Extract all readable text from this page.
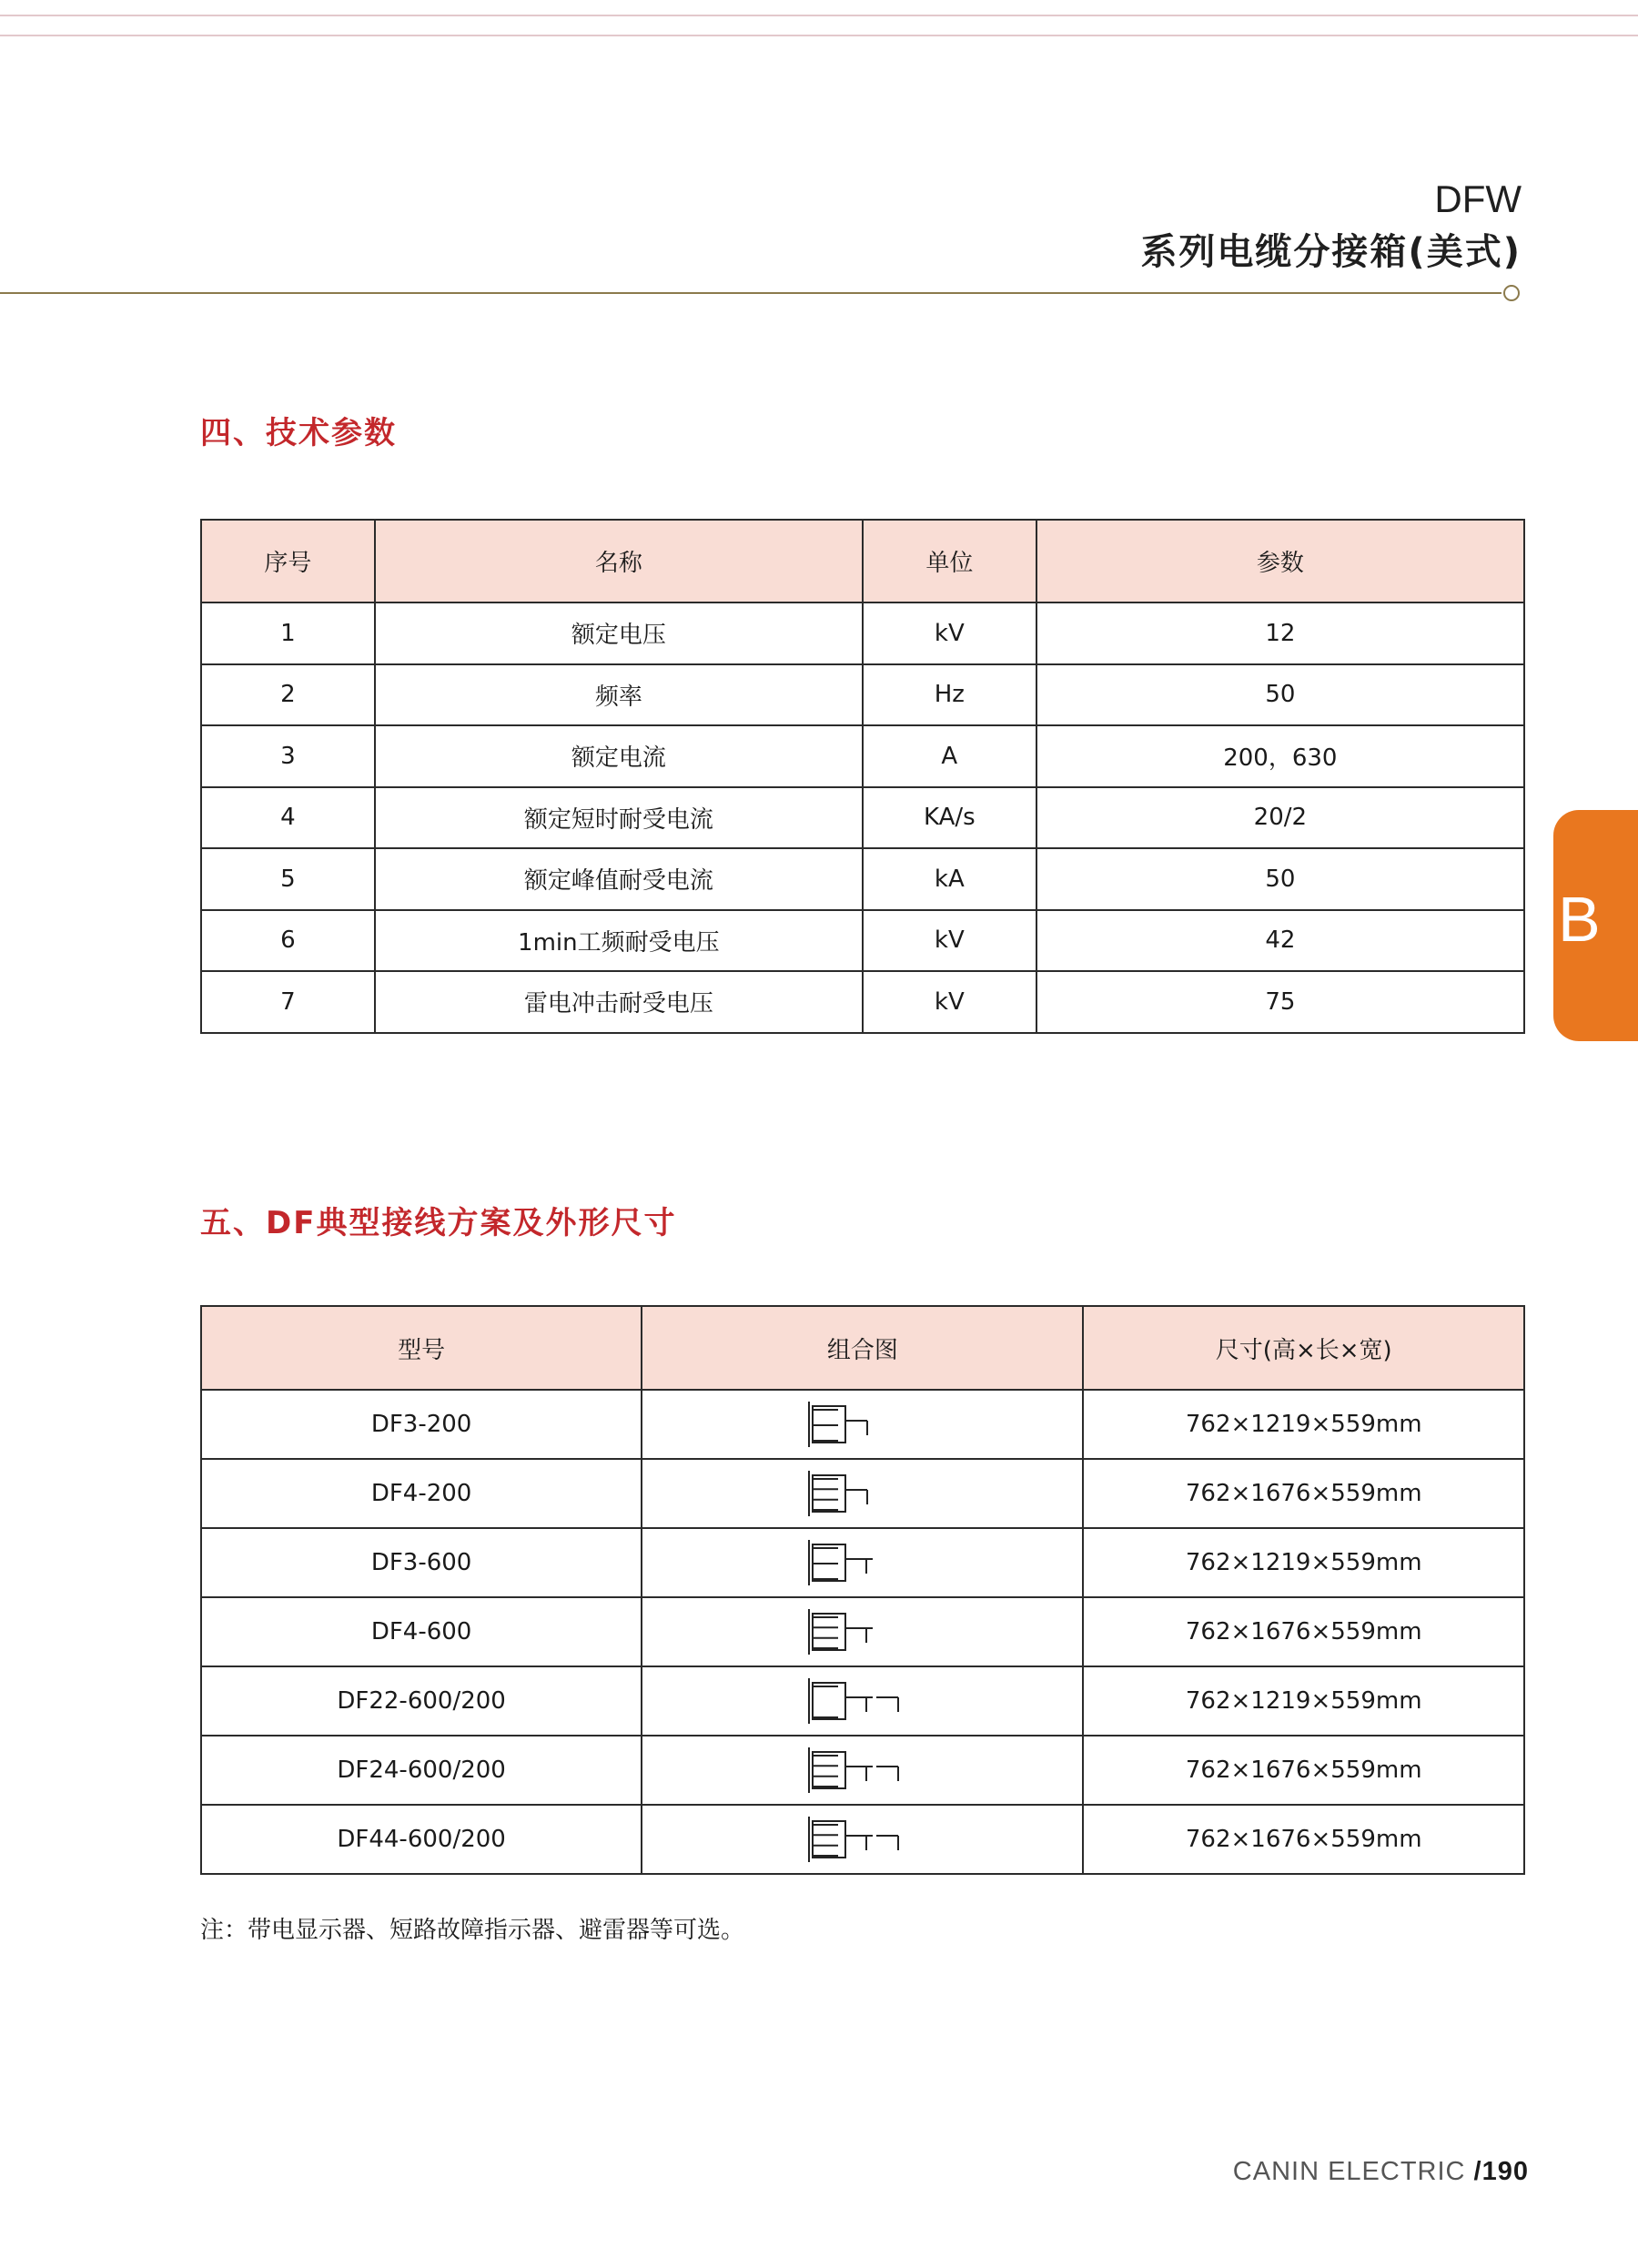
DFW
系列电缆分接箱(美式)
B
四、技术参数
序号	名称	单位	参数
1	额定电压	kV	12
2	频率	Hz	50
3	额定电流	A	200，630
4	额定短时耐受电流	KA/s	20/2
5	额定峰值耐受电流	kA	50
6	1min工频耐受电压	kV	42
7	雷电冲击耐受电压	kV	75
五、DF典型接线方案及外形尺寸
型号	组合图	尺寸(高×长×宽)
DF3-200		762×1219×559mm
DF4-200		762×1676×559mm
DF3-600		762×1219×559mm
DF4-600		762×1676×559mm
DF22-600/200		762×1219×559mm
DF24-600/200		762×1676×559mm
DF44-600/200		762×1676×559mm
注：带电显示器、短路故障指示器、避雷器等可选。
CANIN ELECTRIC /190
